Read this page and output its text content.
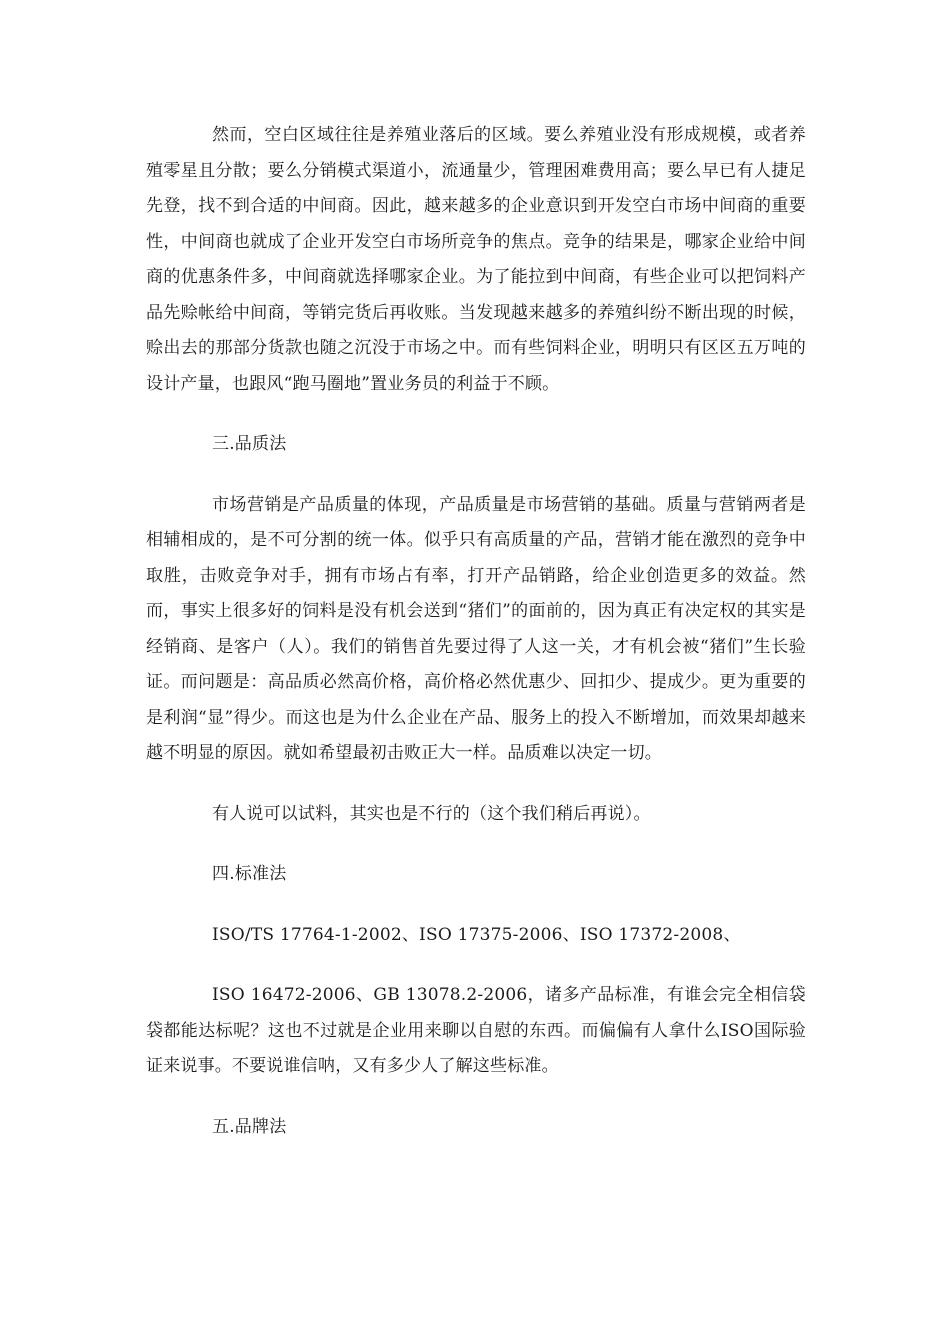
然而，空白区域往往是养殖业落后的区域。要么养殖业没有形成规模，或者养殖零星且分散；要么分销模式渠道小，流通量少，管理困难费用高；要么早已有人捷足先登，找不到合适的中间商。因此，越来越多的企业意识到开发空白市场中间商的重要性，中间商也就成了企业开发空白市场所竞争的焦点。竞争的结果是，哪家企业给中间商的优惠条件多，中间商就选择哪家企业。为了能拉到中间商，有些企业可以把饲料产品先赊帐给中间商，等销完货后再收账。当发现越来越多的养殖纠纷不断出现的时候，赊出去的那部分货款也随之沉没于市场之中。而有些饲料企业，明明只有区区五万吨的设计产量，也跟风“跑马圈地”置业务员的利益于不顾。

三.品质法

市场营销是产品质量的体现，产品质量是市场营销的基础。质量与营销两者是相辅相成的，是不可分割的统一体。似乎只有高质量的产品，营销才能在激烈的竞争中取胜，击败竞争对手，拥有市场占有率，打开产品销路，给企业创造更多的效益。然而，事实上很多好的饲料是没有机会送到“猪们”的面前的，因为真正有决定权的其实是经销商、是客户（人）。我们的销售首先要过得了人这一关，才有机会被“猪们”生长验证。而问题是：高品质必然高价格，高价格必然优惠少、回扣少、提成少。更为重要的是利润“显”得少。而这也是为什么企业在产品、服务上的投入不断增加，而效果却越来越不明显的原因。就如希望最初击败正大一样。品质难以决定一切。

有人说可以试料，其实也是不行的（这个我们稍后再说）。

四.标准法

ISO/TS 17764-1-2002、ISO 17375-2006、ISO 17372-2008、

ISO 16472-2006、GB 13078.2-2006，诸多产品标准，有谁会完全相信袋袋都能达标呢？这也不过就是企业用来聊以自慰的东西。而偏偏有人拿什么ISO国际验证来说事。不要说谁信呐，又有多少人了解这些标准。

五.品牌法
